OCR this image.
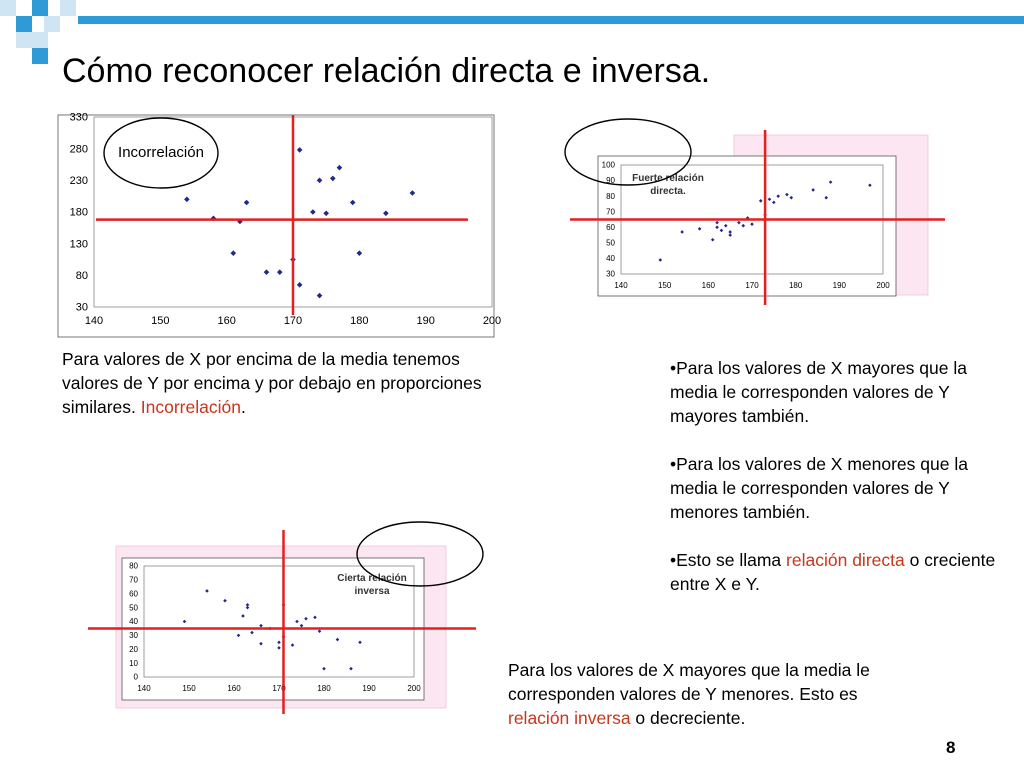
Cómo reconocer relación directa e inversa.
140	150	160	170	180	190	200
30
80
130
180
230
280
330
Incorrelación
140	150	160	170	180	190	200
30
40
50
60
70
80
90
100
Fuerte relación
directa.
140	150	160	170	180	190	200
0
10
20
30
40
50
60
70
80
Cierta relación
inversa
Para valores de X por encima de la media tenemos valores de Y por encima y por debajo en proporciones similares. Incorrelación.
•Para los valores de X mayores que la media le corresponden valores de Y mayores también.
•Para los valores de X menores que la media le corresponden valores de Y menores también.
•Esto se llama relación directa o creciente entre X e Y.
Para los valores de X mayores que la media le corresponden valores de Y menores. Esto es relación inversa o decreciente.
8
